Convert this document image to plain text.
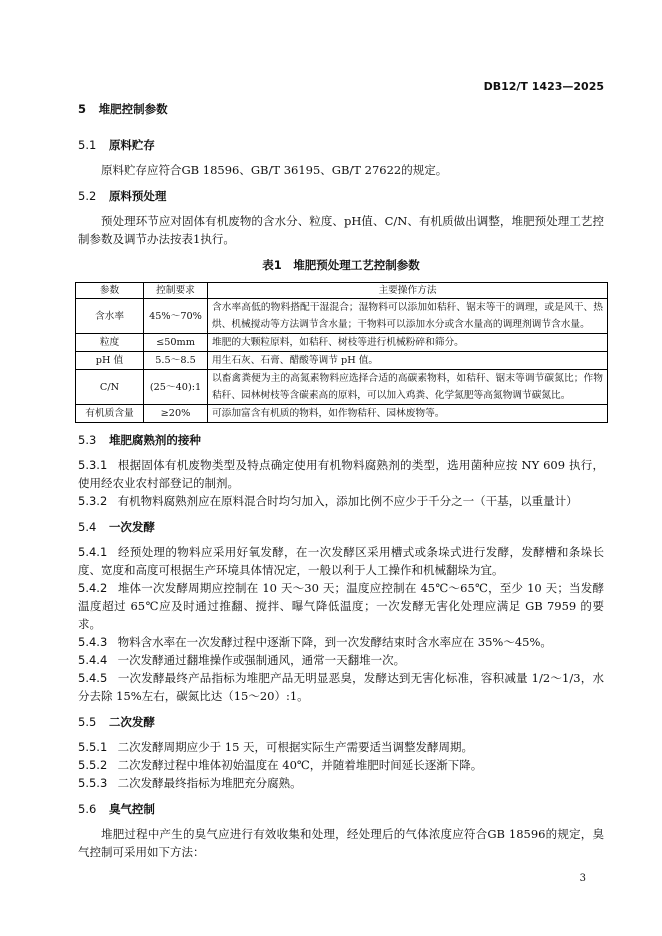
DB12/T 1423—2025
5 堆肥控制参数
5.1 原料贮存
原料贮存应符合GB 18596、GB/T 36195、GB/T 27622的规定。
5.2 原料预处理
预处理环节应对固体有机废物的含水分、粒度、pH值、C/N、有机质做出调整，堆肥预处理工艺控制参数及调节办法按表1执行。
表1 堆肥预处理工艺控制参数
参数	控制要求	主要操作方法
含水率	45%～70%	含水率高低的物料搭配干湿混合；湿物料可以添加如秸秆、锯末等干的调理，或是风干、热烘、机械搅动等方法调节含水量；干物料可以添加水分或含水量高的调理剂调节含水量。
粒度	≤50mm	堆肥的大颗粒原料，如秸秆、树枝等进行机械粉碎和筛分。
pH 值	5.5～8.5	用生石灰、石膏、醋酸等调节 pH 值。
C/N	(25～40):1	以畜禽粪便为主的高氮素物料应选择合适的高碳素物料，如秸秆、锯末等调节碳氮比；作物秸秆、园林树枝等含碳素高的原料，可以加入鸡粪、化学氮肥等高氮物调节碳氮比。
有机质含量	≥20%	可添加富含有机质的物料，如作物秸秆、园林废物等。
5.3 堆肥腐熟剂的接种
5.3.1 根据固体有机废物类型及特点确定使用有机物料腐熟剂的类型，选用菌种应按 NY 609 执行，使用经农业农村部登记的制剂。
5.3.2 有机物料腐熟剂应在原料混合时均匀加入，添加比例不应少于千分之一（干基，以重量计）
5.4 一次发酵
5.4.1 经预处理的物料应采用好氧发酵，在一次发酵区采用槽式或条垛式进行发酵，发酵槽和条垛长度、宽度和高度可根据生产环境具体情况定，一般以利于人工操作和机械翻垛为宜。
5.4.2 堆体一次发酵周期应控制在 10 天～30 天；温度应控制在 45℃～65℃，至少 10 天；当发酵温度超过 65℃应及时通过推翻、搅拌、曝气降低温度；一次发酵无害化处理应满足 GB 7959 的要求。
5.4.3 物料含水率在一次发酵过程中逐渐下降，到一次发酵结束时含水率应在 35%～45%。
5.4.4 一次发酵通过翻堆操作或强制通风，通常一天翻堆一次。
5.4.5 一次发酵最终产品指标为堆肥产品无明显恶臭，发酵达到无害化标准，容积减量 1/2～1/3，水分去除 15%左右，碳氮比达（15～20）:1。
5.5 二次发酵
5.5.1 二次发酵周期应少于 15 天，可根据实际生产需要适当调整发酵周期。
5.5.2 二次发酵过程中堆体初始温度在 40℃，并随着堆肥时间延长逐渐下降。
5.5.3 二次发酵最终指标为堆肥充分腐熟。
5.6 臭气控制
堆肥过程中产生的臭气应进行有效收集和处理，经处理后的气体浓度应符合GB 18596的规定，臭气控制可采用如下方法：
3
